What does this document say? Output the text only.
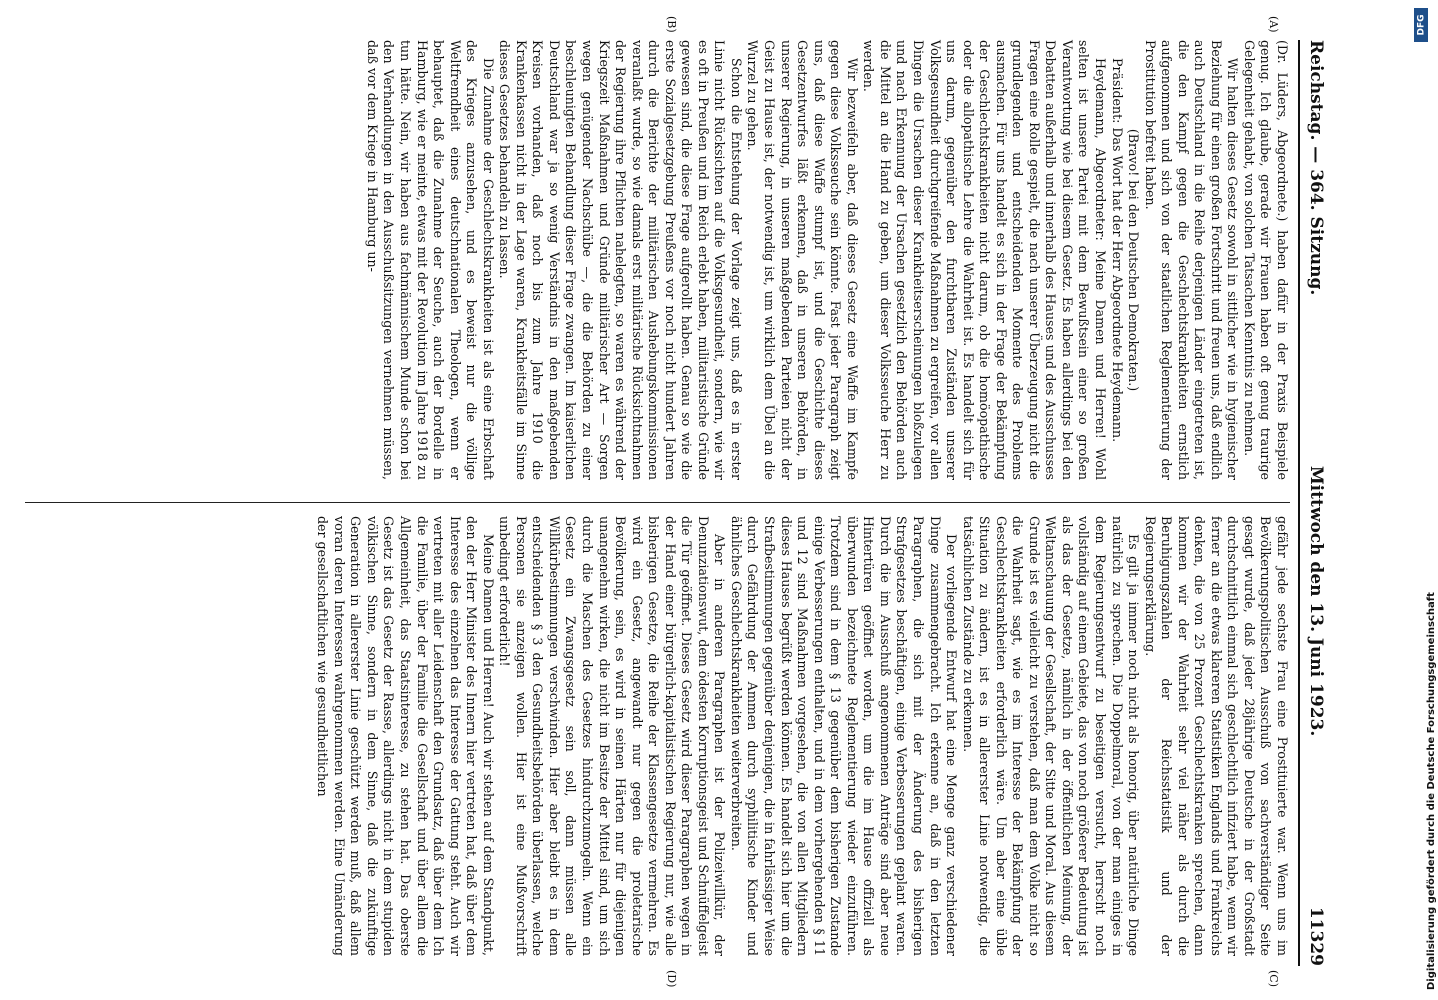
Reichstag. — 364. Sitzung.
Mittwoch den 13. Juni 1923.
11329

(Dr. Lüders, Abgeordnete.) haben dafür in der Praxis Beispiele genug. Ich glaube, gerade wir Frauen haben oft genug traurige Gelegenheit gehabt, von solchen Tatsachen Kenntnis zu nehmen.

Wir halten dieses Gesetz sowohl in sittlicher wie in hygienischer Beziehung für einen großen Fortschritt und freuen uns, daß endlich auch Deutschland in die Reihe derjenigen Länder eingetreten ist, die den Kampf gegen die Geschlechtskrankheiten ernstlich aufgenommen und sich von der staatlichen Reglementierung der Prostitution befreit haben.

(Bravo! bei den Deutschen Demokraten.)

Präsident: Das Wort hat der Herr Abgeordnete Heydemann.

Heydemann, Abgeordneter: Meine Damen und Herren! Wohl selten ist unsere Partei mit dem Bewußtsein einer so großen Verantwortung wie bei diesem Gesetz. Es haben allerdings bei den Debatten außerhalb und innerhalb des Hauses und des Ausschusses Fragen eine Rolle gespielt, die nach unserer Überzeugung nicht die grundlegenden und entscheidenden Momente des Problems ausmachen. Für uns handelt es sich in der Frage der Bekämpfung der Geschlechtskrankheiten nicht darum, ob die homöopathische oder die allopathische Lehre die Wahrheit ist. Es handelt sich für uns darum, gegenüber den furchtbaren Zuständen unserer Volksgesundheit durchgreifende Maßnahmen zu ergreifen, vor allen Dingen die Ursachen dieser Krankheitserscheinungen bloßzulegen und nach Erkennung der Ursachen gesetzlich den Behörden auch die Mittel an die Hand zu geben, um dieser Volksseuche Herr zu werden.

Wir bezweifeln aber, daß dieses Gesetz eine Waffe im Kampfe gegen diese Volksseuche sein könnte. Fast jeder Paragraph zeigt uns, daß diese Waffe stumpf ist, und die Geschichte dieses Gesetzentwurfes läßt erkennen, daß in unseren Behörden, in unserer Regierung, in unseren maßgebenden Parteien nicht der Geist zu Hause ist, der notwendig ist, um wirklich dem Übel an die Wurzel zu gehen.

Schon die Entstehung der Vorlage zeigt uns, daß es in erster Linie nicht Rücksichten auf die Volksgesundheit, sondern, wie wir es oft in Preußen und im Reich erlebt haben, militaristische Gründe gewesen sind, die diese Frage aufgerollt haben. Genau so wie die erste Sozialgesetzgebung Preußens vor noch nicht hundert Jahren durch die Berichte der militärischen Aushebungskommissionen veranlaßt wurde, so wie damals erst militärische Rücksichtnahmen der Regierung ihre Pflichten nahelegten, so waren es während der Kriegszeit Maßnahmen und Gründe militärischer Art — Sorgen wegen genügender Nachschübe —, die die Behörden zu einer beschleunigten Behandlung dieser Frage zwangen. Im kaiserlichen Deutschland war ja so wenig Verständnis in den maßgebenden Kreisen vorhanden, daß noch bis zum Jahre 1910 die Krankenkassen nicht in der Lage waren, Krankheitsfälle im Sinne dieses Gesetzes behandeln zu lassen.

Die Zunahme der Geschlechtskrankheiten ist als eine Erbschaft des Krieges anzusehen, und es beweist nur die völlige Weltfremdheit eines deutschnationalen Theologen, wenn er behauptet, daß die Zunahme der Seuche, auch der Bordelle in Hamburg, wie er meinte, etwas mit der Revolution im Jahre 1918 zu tun hätte. Nein, wir haben aus fachmännischem Munde schon bei den Verhandlungen in den Ausschußsitzungen vernehmen müssen, daß vor dem Kriege in Hamburg un-

gefähr jede sechste Frau eine Prostituierte war. Wenn uns im Bevölkerungspolitischen Ausschuß von sachverständiger Seite gesagt wurde, daß jeder 28jährige Deutsche in der Großstadt durchschnittlich einmal sich geschlechtlich infiziert habe, wenn wir ferner an die etwas klareren Statistiken Englands und Frankreichs denken, die von 25 Prozent Geschlechtskranken sprechen, dann kommen wir der Wahrheit sehr viel näher als durch die Beruhigungszahlen der Reichsstatistik und der Regierungserklärung.

Es gilt ja immer noch nicht als honorig, über natürliche Dinge natürlich zu sprechen. Die Doppelmoral, von der man einiges in dem Regierungsentwurf zu beseitigen versucht, herrscht noch vollständig auf einem Gebiete, das von noch größerer Bedeutung ist als das der Gesetze, nämlich in der öffentlichen Meinung, der Weltanschauung der Gesellschaft, der Sitte und Moral. Aus diesem Grunde ist es vielleicht zu verstehen, daß man dem Volke nicht so die Wahrheit sagt, wie es im Interesse der Bekämpfung der Geschlechtskrankheiten erforderlich wäre. Um aber eine üble Situation zu ändern, ist es in allererster Linie notwendig, die tatsächlichen Zustände zu erkennen.

Der vorliegende Entwurf hat eine Menge ganz verschiedener Dinge zusammengebracht. Ich erkenne an, daß in den letzten Paragraphen, die sich mit der Änderung des bisherigen Strafgesetzes beschäftigen, einige Verbesserungen geplant waren. Durch die im Ausschuß angenommenen Anträge sind aber neue Hintertüren geöffnet worden, um die im Hause offiziell als überwunden bezeichnete Reglementierung wieder einzuführen. Trotzdem sind in dem § 13 gegenüber dem bisherigen Zustande einige Verbesserungen enthalten, und in dem vorhergehenden § 11 und 12 sind Maßnahmen vorgesehen, die von allen Mitgliedern dieses Hauses begrüßt werden können. Es handelt sich hier um die Strafbestimmungen gegenüber denjenigen, die in fahrlässiger Weise durch Gefährdung der Ammen durch syphilitische Kinder und ähnliches Geschlechtskrankheiten weiterverbreiten.

Aber in anderen Paragraphen ist der Polizeiwillkür, der Denunziationswut, dem ödesten Korruptionsgeist und Schnüffelgeist die Tür geöffnet. Dieses Gesetz wird dieser Paragraphen wegen in der Hand einer bürgerlich-kapitalistischen Regierung nur, wie alle bisherigen Gesetze, die Reihe der Klassengesetze vermehren. Es wird ein Gesetz, angewandt nur gegen die proletarische Bevölkerung, sein, es wird in seinen Härten nur für diejenigen unangenehm wirken, die nicht im Besitze der Mittel sind, um sich durch die Maschen des Gesetzes hindurchzumogeln. Wenn ein Gesetz ein Zwangsgesetz sein soll, dann müssen alle Willkürbestimmungen verschwinden. Hier aber bleibt es in dem entscheidenden § 3 den Gesundheitsbehörden überlassen, welche Personen sie anzeigen wollen. Hier ist eine Mußvorschrift unbedingt erforderlich!

Meine Damen und Herren! Auch wir stehen auf dem Standpunkt, den der Herr Minister des Innern hier vertreten hat, daß über dem Interesse des einzelnen das Interesse der Gattung steht. Auch wir vertreten mit aller Leidenschaft den Grundsatz, daß über dem Ich die Familie, über der Familie die Gesellschaft und über allem die Allgemeinheit, das Staatsinteresse, zu stehen hat. Das oberste Gesetz ist das Gesetz der Rasse, allerdings nicht in dem stupiden völkischen Sinne, sondern in dem Sinne, daß die zukünftige Generation in allererster Linie geschützt werden muß, daß allem voran deren Interessen wahrgenommen werden. Eine Umänderung der gesellschaftlichen wie gesundheitlichen

(A)
(B)
(C)
(D)
DFG
Digitalisierung gefördert durch die Deutsche Forschungsgemeinschaft
